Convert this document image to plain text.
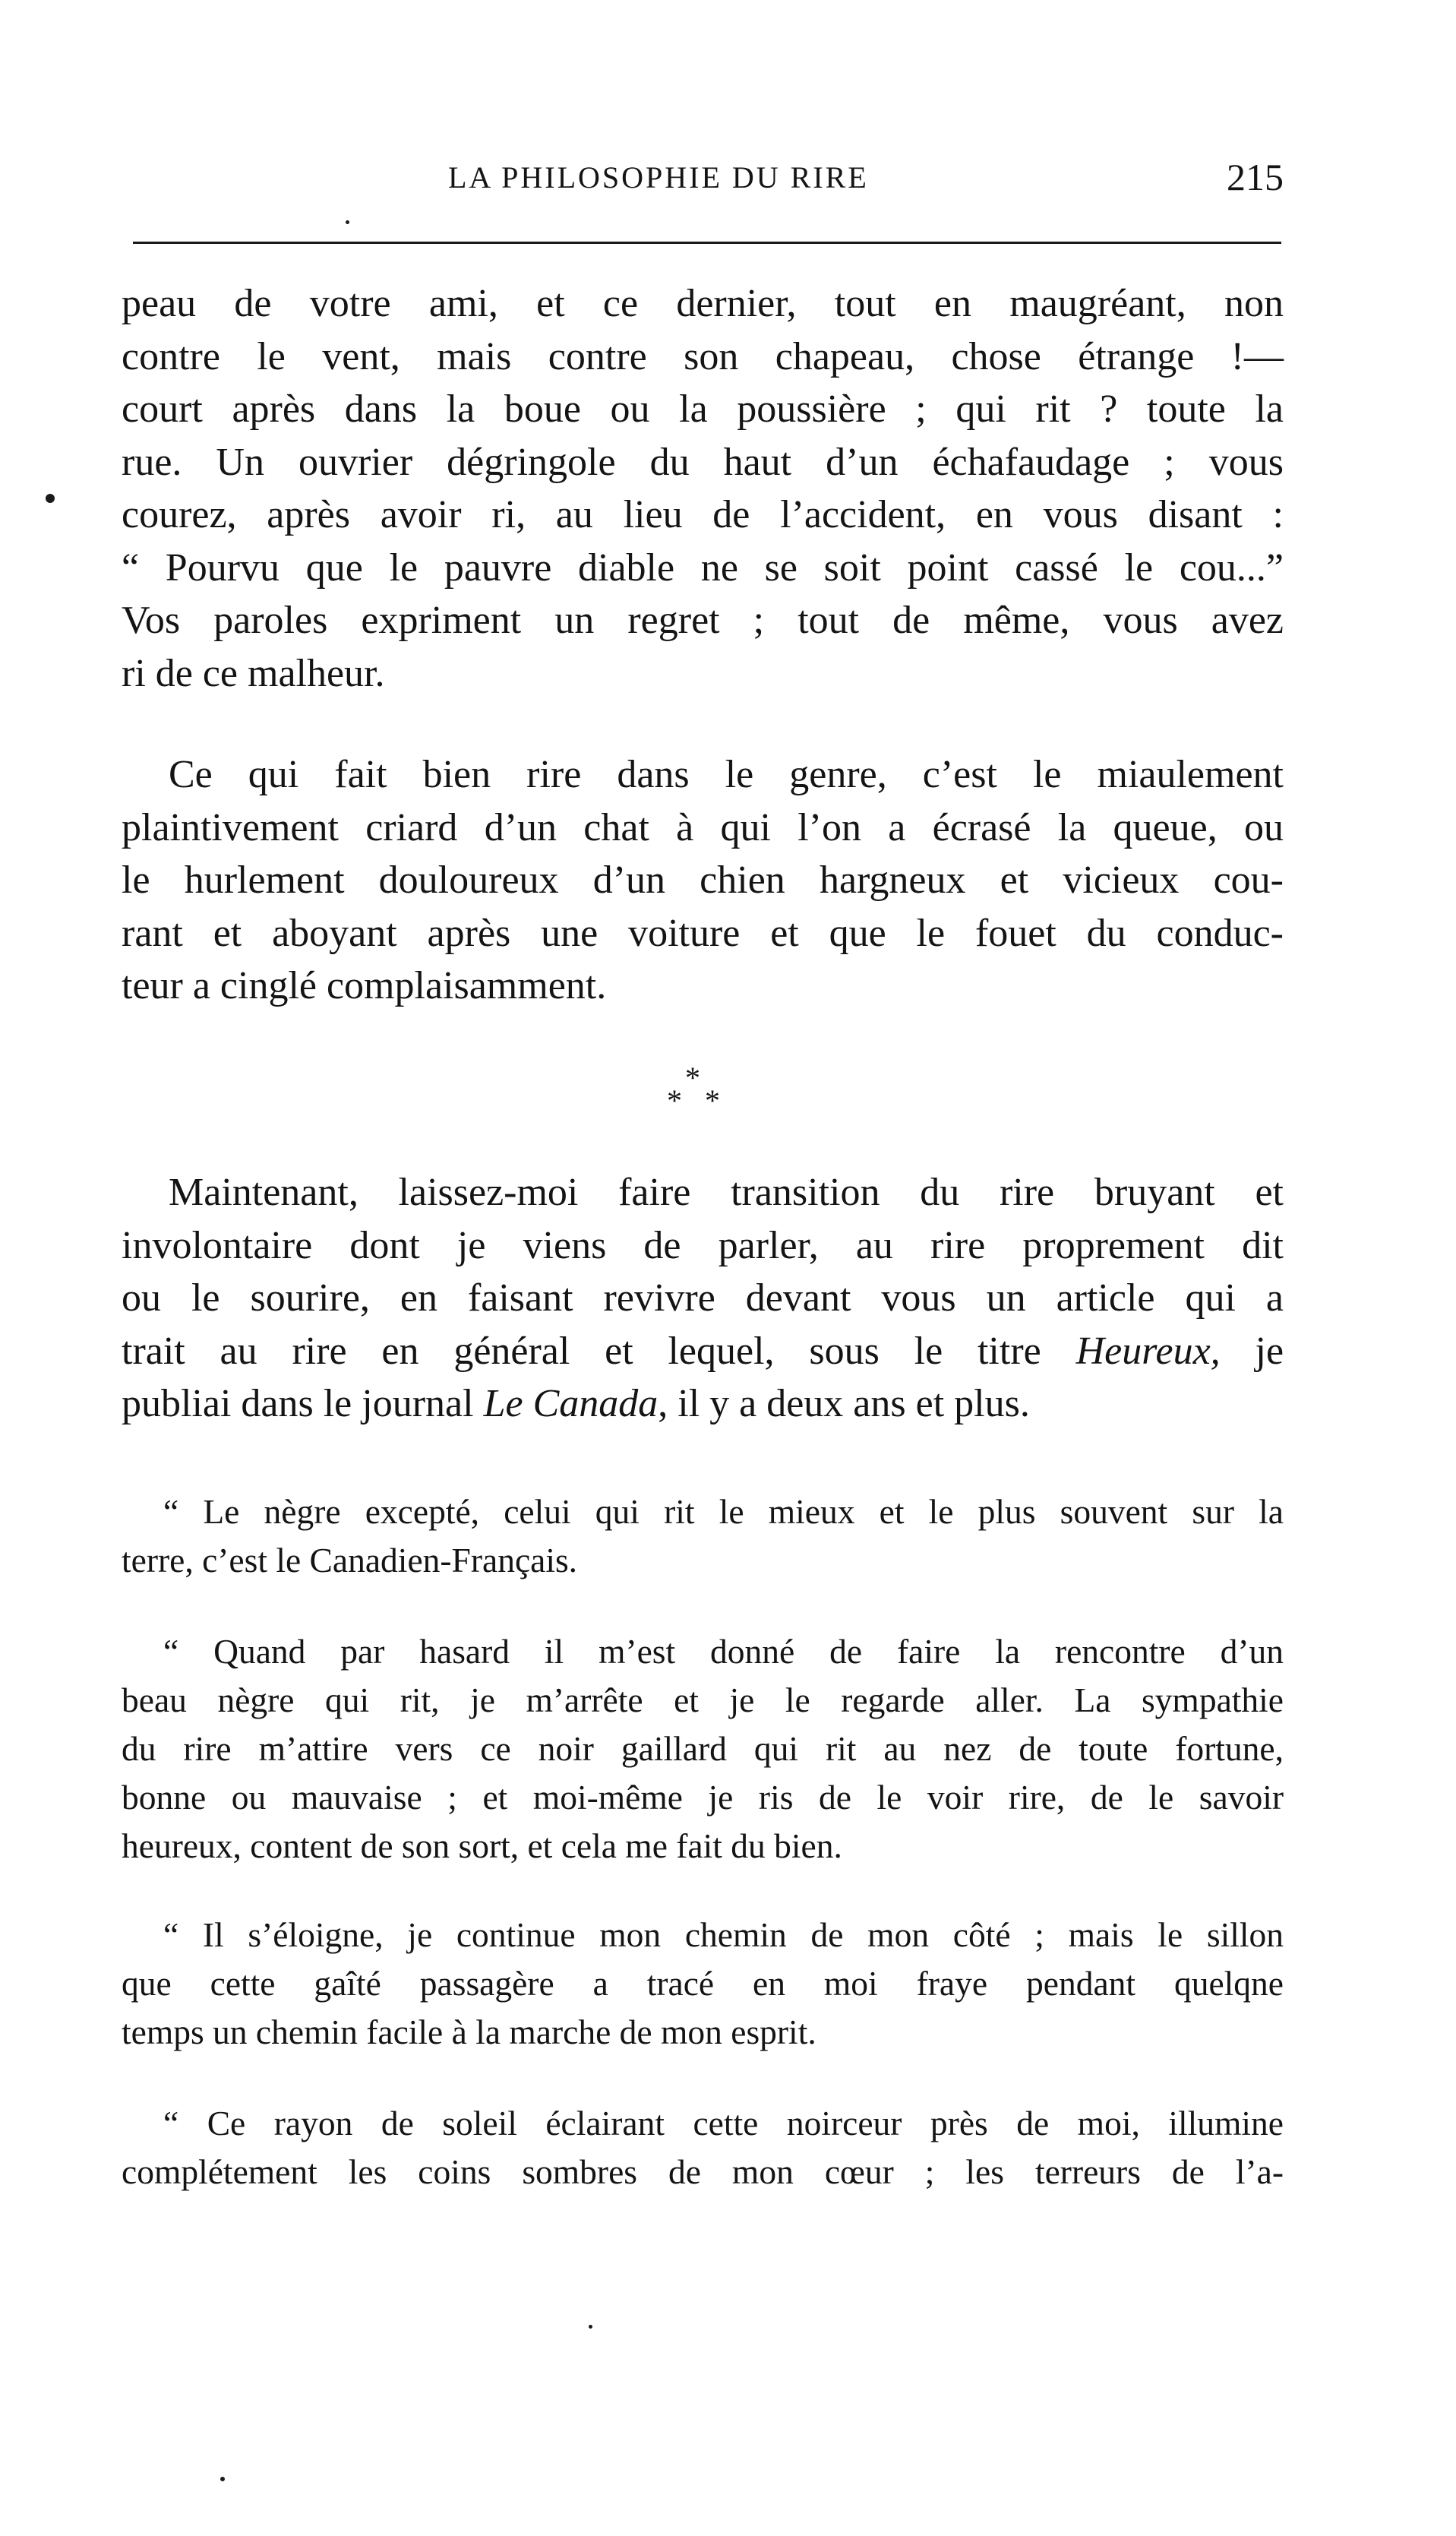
LA PHILOSOPHIE DU RIRE	215

peau de votre ami, et ce dernier, tout en maugréant, non
contre le vent, mais contre son chapeau, chose étrange !—
court après dans la boue ou la poussière ; qui rit ? toute la
rue. Un ouvrier dégringole du haut d’un échafaudage ; vous
courez, après avoir ri, au lieu de l’accident, en vous disant :
“ Pourvu que le pauvre diable ne se soit point cassé le cou...”
Vos paroles expriment un regret ; tout de même, vous avez
ri de ce malheur.

Ce qui fait bien rire dans le genre, c’est le miaulement
plaintivement criard d’un chat à qui l’on a écrasé la queue, ou
le hurlement douloureux d’un chien hargneux et vicieux cou-
rant et aboyant après une voiture et que le fouet du conduc-
teur a cinglé complaisamment.

*
* *

Maintenant, laissez-moi faire transition du rire bruyant et
involontaire dont je viens de parler, au rire proprement dit
ou le sourire, en faisant revivre devant vous un article qui a
trait au rire en général et lequel, sous le titre Heureux, je
publiai dans le journal Le Canada, il y a deux ans et plus.

“ Le nègre excepté, celui qui rit le mieux et le plus souvent sur la
terre, c’est le Canadien-Français.

“ Quand par hasard il m’est donné de faire la rencontre d’un
beau nègre qui rit, je m’arrête et je le regarde aller. La sympathie
du rire m’attire vers ce noir gaillard qui rit au nez de toute fortune,
bonne ou mauvaise ; et moi-même je ris de le voir rire, de le savoir
heureux, content de son sort, et cela me fait du bien.

“ Il s’éloigne, je continue mon chemin de mon côté ; mais le sillon
que cette gaîté passagère a tracé en moi fraye pendant quelqne
temps un chemin facile à la marche de mon esprit.

“ Ce rayon de soleil éclairant cette noirceur près de moi, illumine
complétement les coins sombres de mon cœur ; les terreurs de l’a-
